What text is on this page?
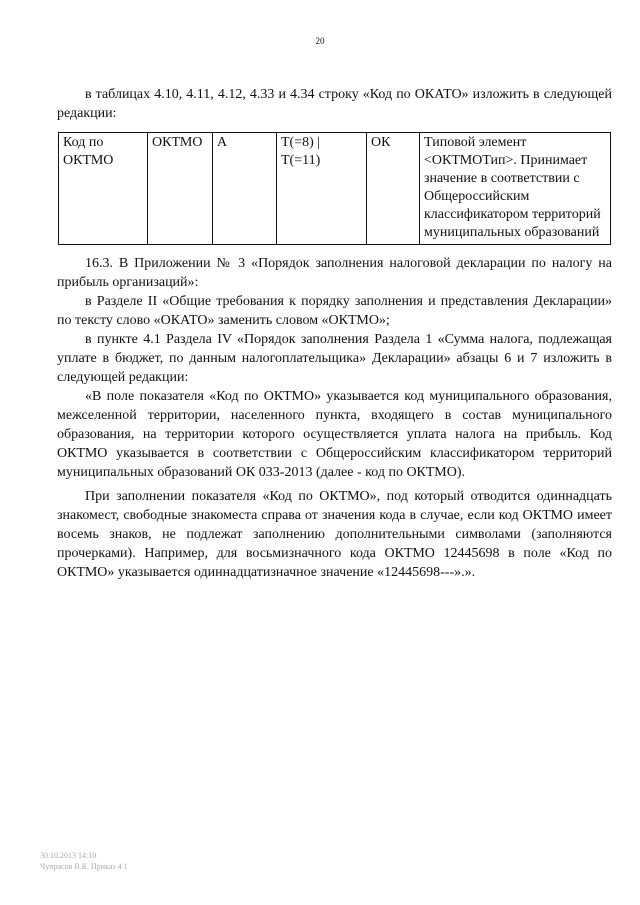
20

в таблицах 4.10, 4.11, 4.12, 4.33 и 4.34 строку «Код по ОКАТО» изложить в следующей редакции:

Код по ОКТМО	ОКТМО	А	T(=8) | T(=11)	ОК	Типовой элемент <ОКТМОТип>. Принимает значение в соответствии с Общероссийским классификатором территорий муниципальных образований

16.3. В Приложении № 3 «Порядок заполнения налоговой декларации по налогу на прибыль организаций»:

в Разделе II «Общие требования к порядку заполнения и представления Декларации» по тексту слово «ОКАТО» заменить словом «ОКТМО»;

в пункте 4.1 Раздела IV «Порядок заполнения Раздела 1 «Сумма налога, подлежащая уплате в бюджет, по данным налогоплательщика» Декларации» абзацы 6 и 7 изложить в следующей редакции:

«В поле показателя «Код по ОКТМО» указывается код муниципального образования, межселенной территории, населенного пункта, входящего в состав муниципального образования, на территории которого осуществляется уплата налога на прибыль. Код ОКТМО указывается в соответствии с Общероссийским классификатором территорий муниципальных образований ОК 033-2013 (далее - код по ОКТМО).

При заполнении показателя «Код по ОКТМО», под который отводится одиннадцать знакомест, свободные знакоместа справа от значения кода в случае, если код ОКТМО имеет восемь знаков, не подлежат заполнению дополнительными символами (заполняются прочерками). Например, для восьмизначного кода ОКТМО 12445698 в поле «Код по ОКТМО» указывается одиннадцатизначное значение «12445698---».».

30.10.2013 14:10
Чупрасов В.К. Приказ 4 1
